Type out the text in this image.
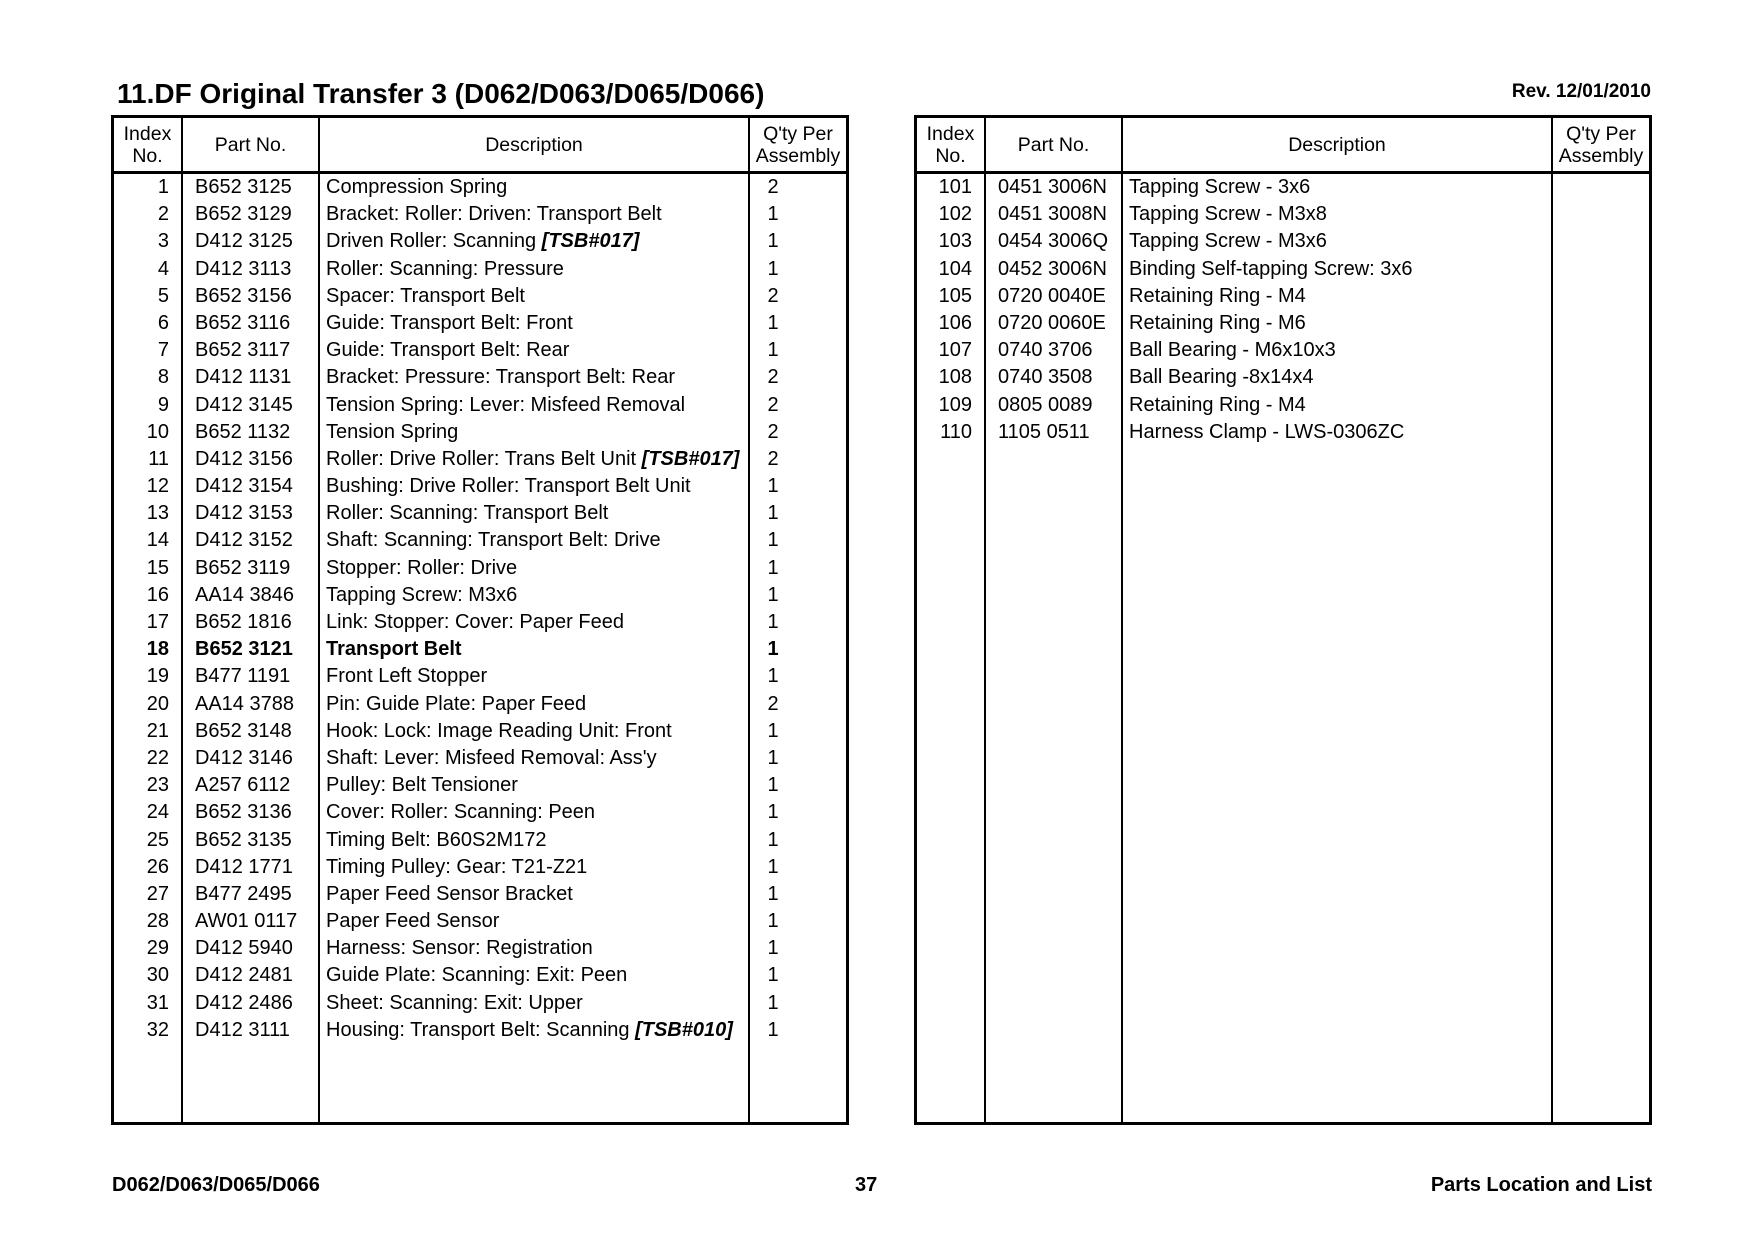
11.DF Original Transfer 3 (D062/D063/D065/D066)	Rev. 12/01/2010
Index
No.	Part No.	Description	Q'ty Per
Assembly
1 B652 3125	Compression Spring	2
2 B652 3129	Bracket: Roller: Driven: Transport Belt	1
3 D412 3125	Driven Roller: Scanning [TSB#017]	1
4 D412 3113	Roller: Scanning: Pressure	1
5 B652 3156	Spacer: Transport Belt	2
6 B652 3116	Guide: Transport Belt: Front	1
7 B652 3117	Guide: Transport Belt: Rear	1
8 D412 1131	Bracket: Pressure: Transport Belt: Rear	2
9 D412 3145	Tension Spring: Lever: Misfeed Removal	2
10 B652 1132	Tension Spring	2
11 D412 3156	Roller: Drive Roller: Trans Belt Unit [TSB#017]	2
12 D412 3154	Bushing: Drive Roller: Transport Belt Unit	1
13 D412 3153	Roller: Scanning: Transport Belt	1
14 D412 3152	Shaft: Scanning: Transport Belt: Drive	1
15 B652 3119	Stopper: Roller: Drive	1
16 AA14 3846	Tapping Screw: M3x6	1
17 B652 1816	Link: Stopper: Cover: Paper Feed	1
18 B652 3121	Transport Belt	1
19 B477 1191	Front Left Stopper	1
20 AA14 3788	Pin: Guide Plate: Paper Feed	2
21 B652 3148	Hook: Lock: Image Reading Unit: Front	1
22 D412 3146	Shaft: Lever: Misfeed Removal: Ass'y	1
23 A257 6112	Pulley: Belt Tensioner	1
24 B652 3136	Cover: Roller: Scanning: Peen	1
25 B652 3135	Timing Belt: B60S2M172	1
26 D412 1771	Timing Pulley: Gear: T21-Z21	1
27 B477 2495	Paper Feed Sensor Bracket	1
28 AW01 0117	Paper Feed Sensor	1
29 D412 5940	Harness: Sensor: Registration	1
30 D412 2481	Guide Plate: Scanning: Exit: Peen	1
31 D412 2486	Sheet: Scanning: Exit: Upper	1
32 D412 3111	Housing: Transport Belt: Scanning [TSB#010]	1
Index
No.	Part No.	Description	Q'ty Per
Assembly
101 0451 3006N	Tapping Screw - 3x6
102 0451 3008N	Tapping Screw - M3x8
103 0454 3006Q	Tapping Screw - M3x6
104 0452 3006N	Binding Self-tapping Screw: 3x6
105 0720 0040E	Retaining Ring - M4
106 0720 0060E	Retaining Ring - M6
107 0740 3706	Ball Bearing - M6x10x3
108 0740 3508	Ball Bearing -8x14x4
109 0805 0089	Retaining Ring - M4
110 1105 0511	Harness Clamp - LWS-0306ZC
D062/D063/D065/D066	37	Parts Location and List
